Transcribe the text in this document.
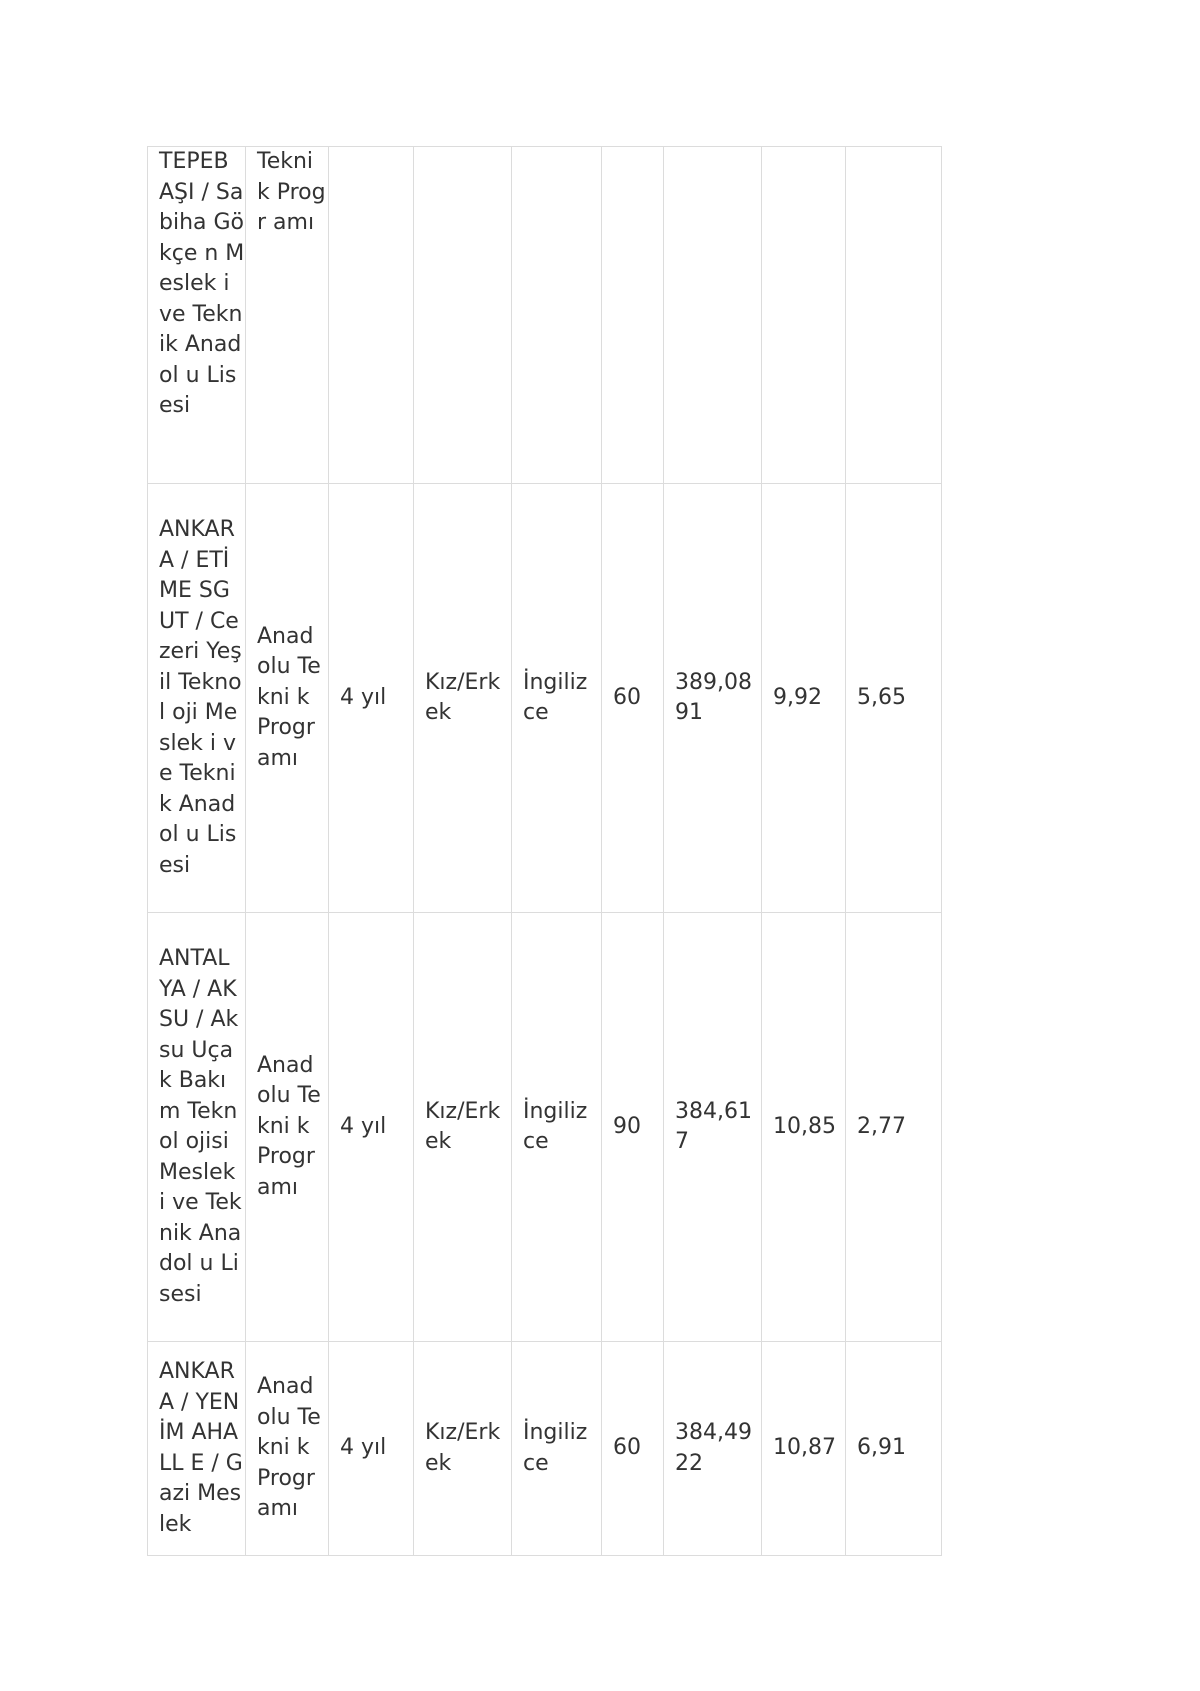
TEPEB AŞI / Sabiha Gökçe n Meslek i ve Teknik Anadol u Lisesi	Tekni k Progr amı							
ANKAR A / ETİME SGUT / Cezeri Yeşil Teknol oji Meslek i ve Teknik Anadol u Lisesi	Anad olu Tekni k Progr amı	4 yıl	Kız/Erk ek	İngiliz ce	60	389,08 91	9,92	5,65
ANTAL YA / AKSU / Aksu Uçak Bakım Teknol ojisi Meslek i ve Teknik Anadol u Lisesi	Anad olu Tekni k Progr amı	4 yıl	Kız/Erk ek	İngiliz ce	90	384,61 7	10,85	2,77
ANKAR A / YENİM AHALL E / Gazi Meslek	Anad olu Tekni k Progr amı	4 yıl	Kız/Erk ek	İngiliz ce	60	384,49 22	10,87	6,91
